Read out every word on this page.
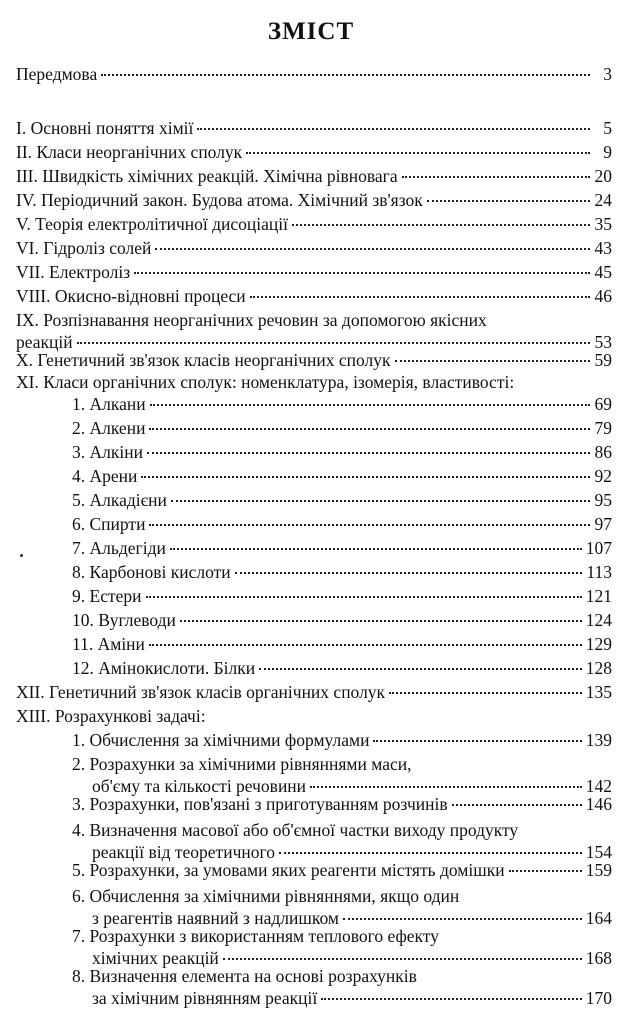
ЗМІСТ
Передмова	3
I. Основні поняття хімії	5
II. Класи неорганічних сполук	9
III. Швидкість хімічних реакцій. Хімічна рівновага	20
IV. Періодичний закон. Будова атома. Хімічний зв'язок	24
V. Теорія електролітичної дисоціації	35
VI. Гідроліз солей	43
VII. Електроліз	45
VIII. Окисно-відновні процеси	46
IX. Розпізнавання неорганічних речовин за допомогою якісних
реакцій	53
X. Генетичний зв'язок класів неорганічних сполук	59
XI. Класи органічних сполук: номенклатура, ізомерія, властивості:
1. Алкани	69
2. Алкени	79
3. Алкіни	86
4. Арени	92
5. Алкадієни	95
6. Спирти	97
7. Альдегіди	107
8. Карбонові кислоти	113
9. Естери	121
10. Вуглеводи	124
11. Аміни	129
12. Амінокислоти. Білки	128
XII. Генетичний зв'язок класів органічних сполук	135
XIII. Розрахункові задачі:
1. Обчислення за хімічними формулами	139
2. Розрахунки за хімічними рівняннями маси,
об'єму та кількості речовини	142
3. Розрахунки, пов'язані з приготуванням розчинів	146
4. Визначення масової або об'ємної частки виходу продукту
реакції від теоретичного	154
5. Розрахунки, за умовами яких реагенти містять домішки	159
6. Обчислення за хімічними рівняннями, якщо один
з реагентів наявний з надлишком	164
7. Розрахунки з використанням теплового ефекту
хімічних реакцій	168
8. Визначення елемента на основі розрахунків
за хімічним рівнянням реакції	170
